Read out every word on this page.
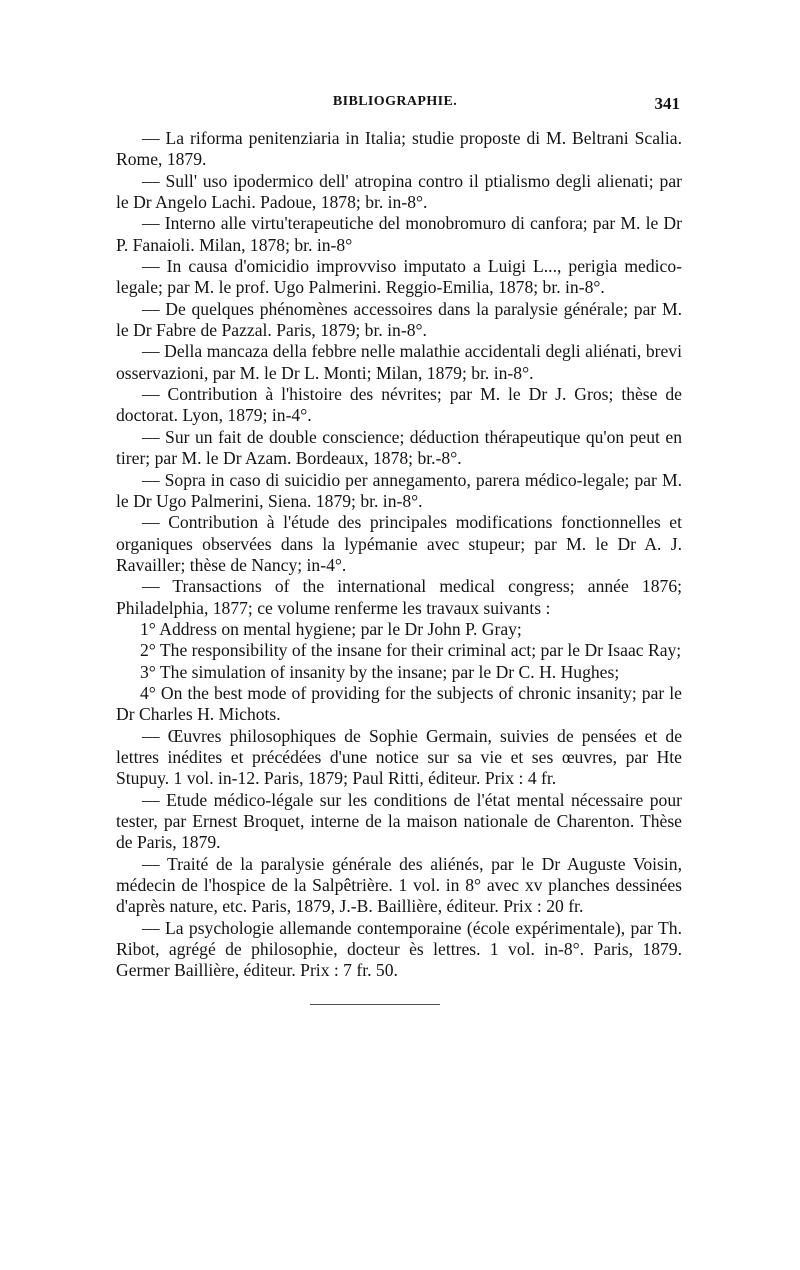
BIBLIOGRAPHIE.	341

— La riforma penitenziaria in Italia; studie proposte di M. Beltrani Scalia. Rome, 1879.

— Sull' uso ipodermico dell' atropina contro il ptialismo degli alienati; par le Dr Angelo Lachi. Padoue, 1878; br. in-8°.

— Interno alle virtu'terapeutiche del monobromuro di canfora; par M. le Dr P. Fanaioli. Milan, 1878; br. in-8°

— In causa d'omicidio improvviso imputato a Luigi L..., perigia medico-legale; par M. le prof. Ugo Palmerini. Reggio-Emilia, 1878; br. in-8°.

— De quelques phénomènes accessoires dans la paralysie générale; par M. le Dr Fabre de Pazzal. Paris, 1879; br. in-8°.

— Della mancaza della febbre nelle malathie accidentali degli aliénati, brevi osservazioni, par M. le Dr L. Monti; Milan, 1879; br. in-8°.

— Contribution à l'histoire des névrites; par M. le Dr J. Gros; thèse de doctorat. Lyon, 1879; in-4°.

— Sur un fait de double conscience; déduction thérapeutique qu'on peut en tirer; par M. le Dr Azam. Bordeaux, 1878; br.-8°.

— Sopra in caso di suicidio per annegamento, parera médico-legale; par M. le Dr Ugo Palmerini, Siena. 1879; br. in-8°.

— Contribution à l'étude des principales modifications fonctionnelles et organiques observées dans la lypémanie avec stupeur; par M. le Dr A. J. Ravailler; thèse de Nancy; in-4°.

— Transactions of the international medical congress; année 1876; Philadelphia, 1877; ce volume renferme les travaux suivants :

1° Address on mental hygiene; par le Dr John P. Gray;

2° The responsibility of the insane for their criminal act; par le Dr Isaac Ray;

3° The simulation of insanity by the insane; par le Dr C. H. Hughes;

4° On the best mode of providing for the subjects of chronic insanity; par le Dr Charles H. Michots.

— Œuvres philosophiques de Sophie Germain, suivies de pensées et de lettres inédites et précédées d'une notice sur sa vie et ses œuvres, par Hte Stupuy. 1 vol. in-12. Paris, 1879; Paul Ritti, éditeur. Prix : 4 fr.

— Etude médico-légale sur les conditions de l'état mental nécessaire pour tester, par Ernest Broquet, interne de la maison nationale de Charenton. Thèse de Paris, 1879.

— Traité de la paralysie générale des aliénés, par le Dr Auguste Voisin, médecin de l'hospice de la Salpêtrière. 1 vol. in 8° avec xv planches dessinées d'après nature, etc. Paris, 1879, J.-B. Baillière, éditeur. Prix : 20 fr.

— La psychologie allemande contemporaine (école expérimentale), par Th. Ribot, agrégé de philosophie, docteur ès lettres. 1 vol. in-8°. Paris, 1879. Germer Baillière, éditeur. Prix : 7 fr. 50.
